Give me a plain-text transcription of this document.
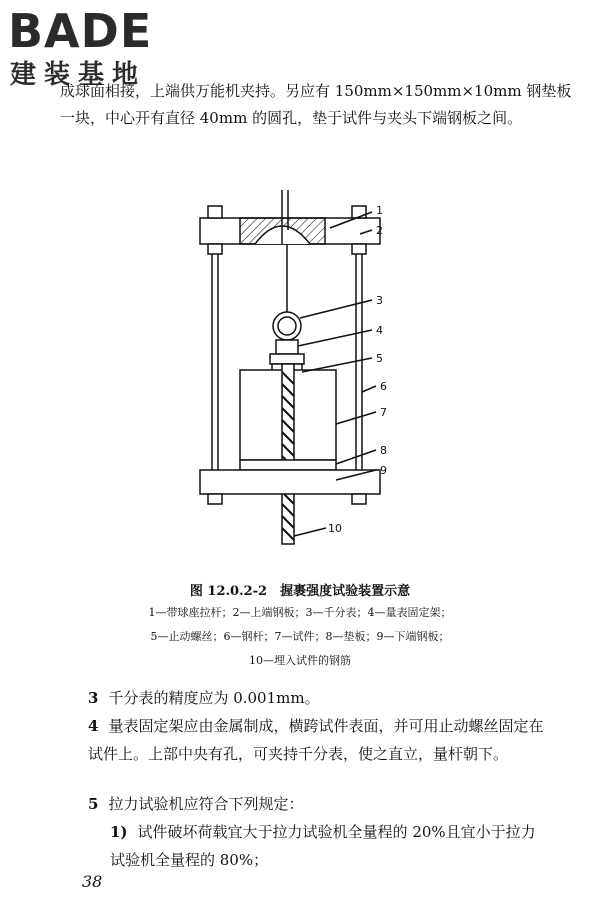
BADE
建装基地
成球面相接，上端供万能机夹持。另应有 150mm×150mm×10mm 钢垫板一块，中心开有直径 40mm 的圆孔，垫于试件与夹头下端钢板之间。
1
2
3
4
5
6
7
8
9
10
图 12.0.2-2　握裹强度试验装置示意
1—带球座拉杆；2—上端钢板；3—千分表；4—量表固定架；
5—止动螺丝；6—钢杆；7—试件；8—垫板；9—下端钢板；
10—埋入试件的钢筋
3 千分表的精度应为 0.001mm。
4 量表固定架应由金属制成，横跨试件表面，并可用止动螺丝固定在试件上。上部中央有孔，可夹持千分表，使之直立，量杆朝下。
5 拉力试验机应符合下列规定：
1) 试件破坏荷载宜大于拉力试验机全量程的 20%且宜小于拉力试验机全量程的 80%；
38
